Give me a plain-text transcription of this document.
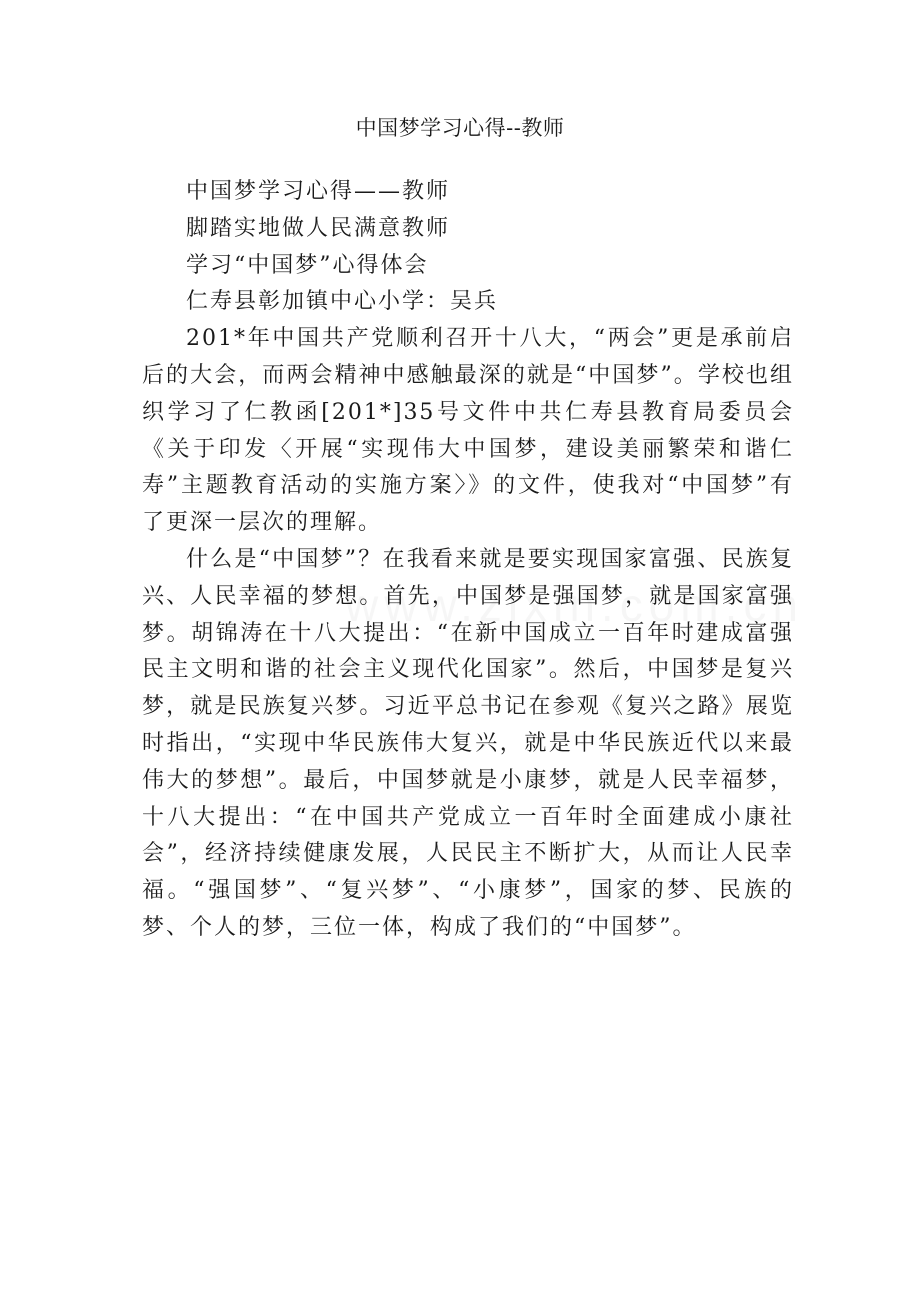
中国梦学习心得--教师

中国梦学习心得——教师

脚踏实地做人民满意教师

学习“中国梦”心得体会

仁寿县彰加镇中心小学：吴兵

201*年中国共产党顺利召开十八大，“两会”更是承前启后的大会，而两会精神中感触最深的就是“中国梦”。学校也组织学习了仁教函[201*]35号文件中共仁寿县教育局委员会《关于印发〈开展“实现伟大中国梦，建设美丽繁荣和谐仁寿”主题教育活动的实施方案〉》的文件，使我对“中国梦”有了更深一层次的理解。

什么是“中国梦”？在我看来就是要实现国家富强、民族复兴、人民幸福的梦想。首先，中国梦是强国梦，就是国家富强梦。胡锦涛在十八大提出：“在新中国成立一百年时建成富强民主文明和谐的社会主义现代化国家”。然后，中国梦是复兴梦，就是民族复兴梦。习近平总书记在参观《复兴之路》展览时指出，“实现中华民族伟大复兴，就是中华民族近代以来最伟大的梦想”。最后，中国梦就是小康梦，就是人民幸福梦，十八大提出：“在中国共产党成立一百年时全面建成小康社会”，经济持续健康发展，人民民主不断扩大，从而让人民幸福。“强国梦”、“复兴梦”、“小康梦”，国家的梦、民族的梦、个人的梦，三位一体，构成了我们的“中国梦”。
